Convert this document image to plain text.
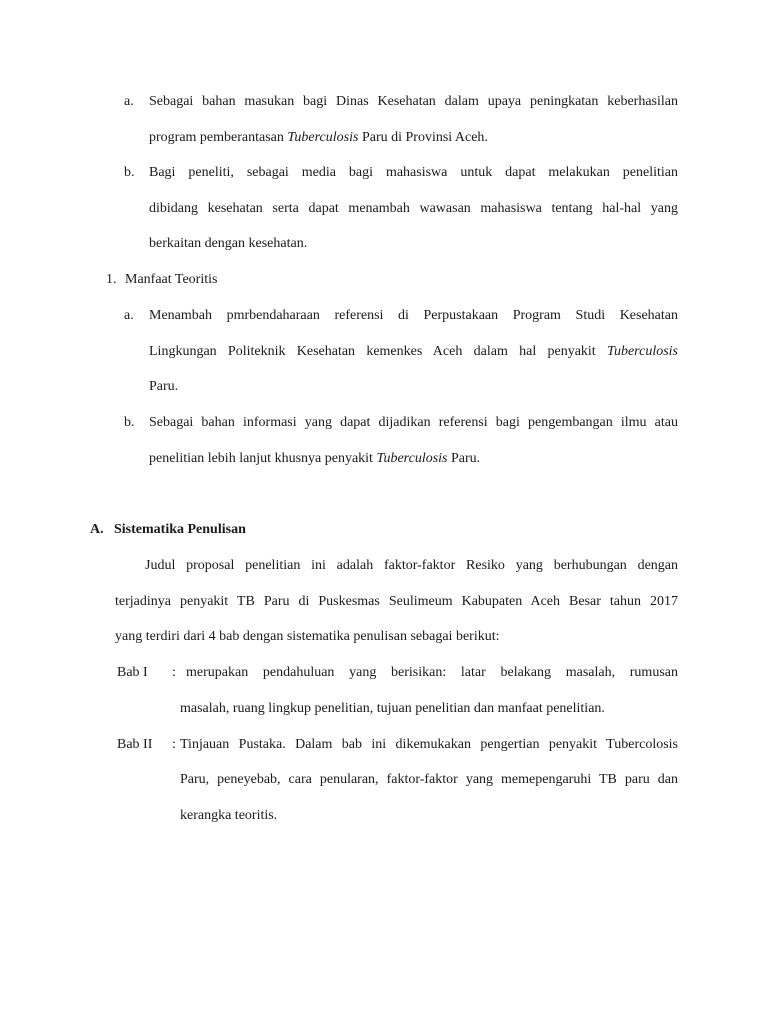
a. Sebagai bahan masukan bagi Dinas Kesehatan dalam upaya peningkatan keberhasilan
program pemberantasan Tuberculosis Paru di Provinsi Aceh.
b. Bagi peneliti, sebagai media bagi mahasiswa untuk dapat melakukan penelitian
dibidang kesehatan serta dapat menambah wawasan mahasiswa tentang hal-hal yang
berkaitan dengan kesehatan.
1. Manfaat Teoritis
a. Menambah pmrbendaharaan referensi di Perpustakaan Program Studi Kesehatan
Lingkungan Politeknik Kesehatan kemenkes Aceh dalam hal penyakit Tuberculosis
Paru.
b. Sebagai bahan informasi yang dapat dijadikan referensi bagi pengembangan ilmu atau
penelitian lebih lanjut khusnya penyakit Tuberculosis Paru.
A. Sistematika Penulisan
Judul proposal penelitian ini adalah faktor-faktor Resiko yang berhubungan dengan
terjadinya penyakit TB Paru di Puskesmas Seulimeum Kabupaten Aceh Besar tahun 2017
yang terdiri dari 4 bab dengan sistematika penulisan sebagai berikut:
Bab I : merupakan pendahuluan yang berisikan: latar belakang masalah, rumusan
masalah, ruang lingkup penelitian, tujuan penelitian dan manfaat penelitian.
Bab II : Tinjauan Pustaka. Dalam bab ini dikemukakan pengertian penyakit Tubercolosis
Paru, peneyebab, cara penularan, faktor-faktor yang memepengaruhi TB paru dan
kerangka teoritis.
